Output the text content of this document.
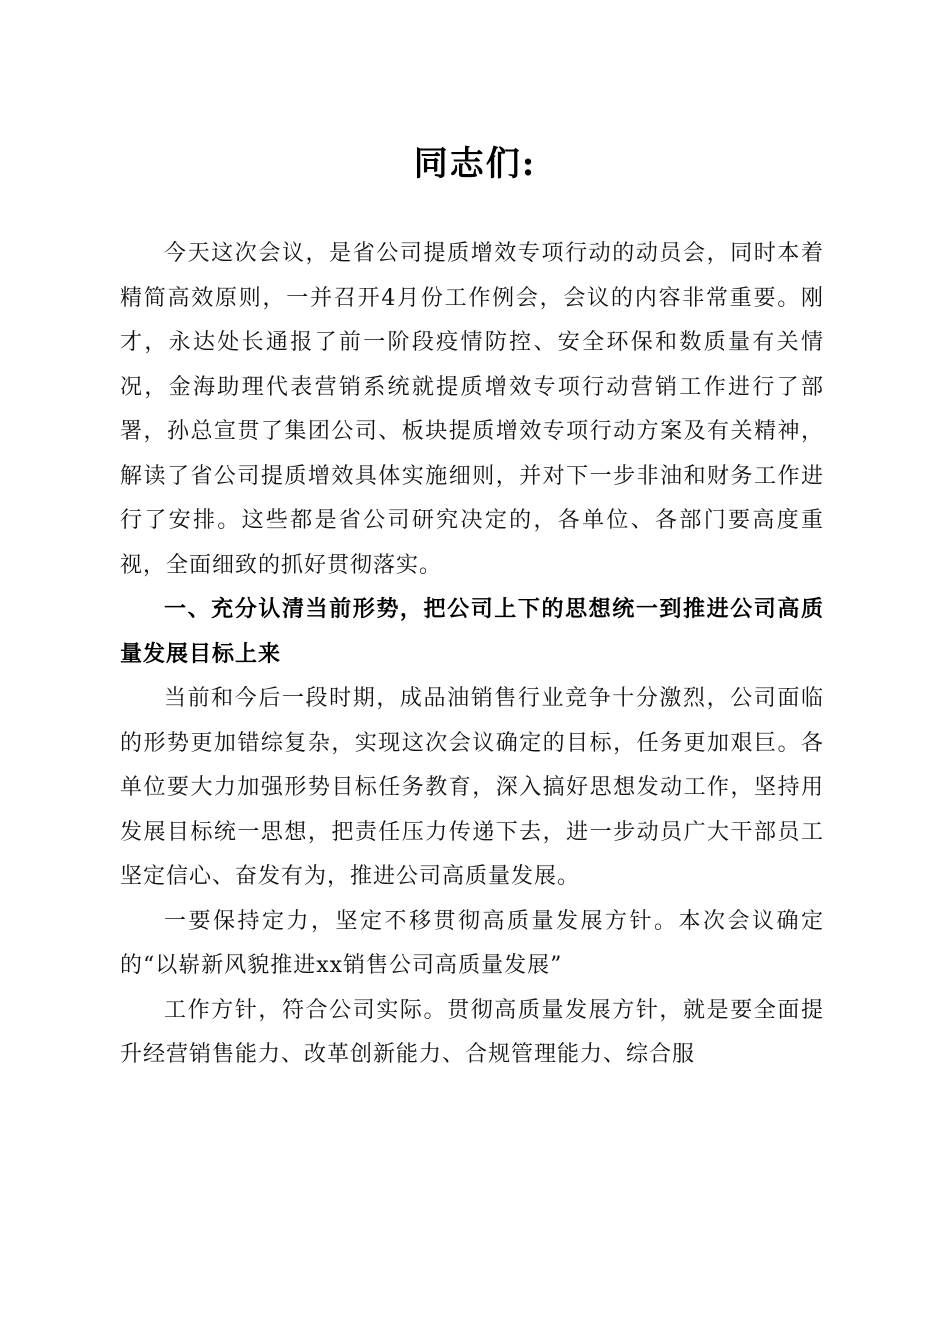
同志们:

今天这次会议，是省公司提质增效专项行动的动员会，同时本着精简高效原则，一并召开4月份工作例会，会议的内容非常重要。刚才，永达处长通报了前一阶段疫情防控、安全环保和数质量有关情况，金海助理代表营销系统就提质增效专项行动营销工作进行了部署，孙总宣贯了集团公司、板块提质增效专项行动方案及有关精神，解读了省公司提质增效具体实施细则，并对下一步非油和财务工作进行了安排。这些都是省公司研究决定的，各单位、各部门要高度重视，全面细致的抓好贯彻落实。

一、充分认清当前形势，把公司上下的思想统一到推进公司高质量发展目标上来

当前和今后一段时期，成品油销售行业竞争十分激烈，公司面临的形势更加错综复杂，实现这次会议确定的目标，任务更加艰巨。各单位要大力加强形势目标任务教育，深入搞好思想发动工作，坚持用发展目标统一思想，把责任压力传递下去，进一步动员广大干部员工坚定信心、奋发有为，推进公司高质量发展。

一要保持定力，坚定不移贯彻高质量发展方针。本次会议确定的“以崭新风貌推进xx销售公司高质量发展”

工作方针，符合公司实际。贯彻高质量发展方针，就是要全面提升经营销售能力、改革创新能力、合规管理能力、综合服
